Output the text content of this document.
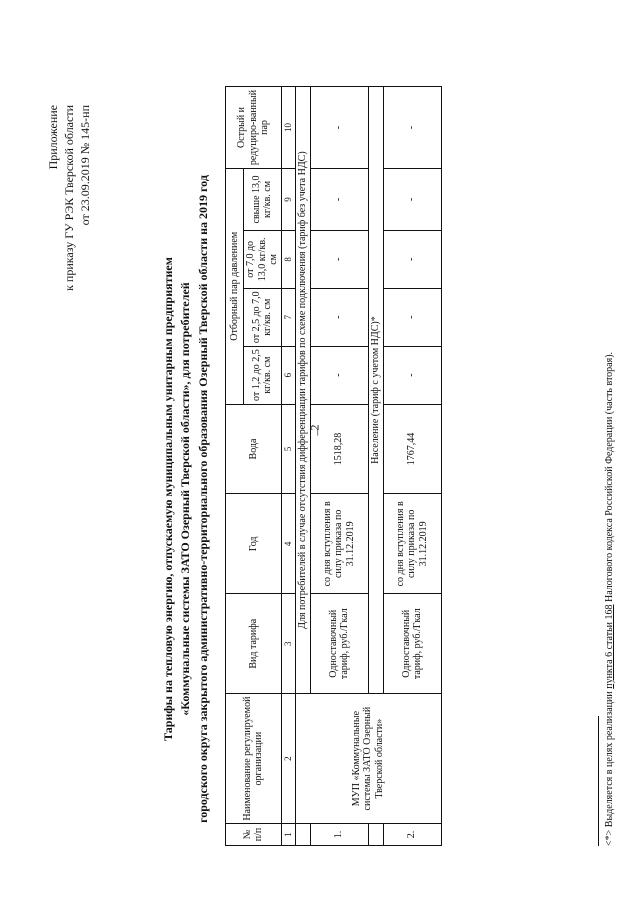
2
–
Приложение к приказу ГУ РЭК Тверской области от 23.09.2019 № 145-нп
Тарифы на тепловую энергию, отпускаемую муниципальным унитарным предприятием «Коммунальные системы ЗАТО Озерный Тверской области», для потребителей городского округа закрытого административно-территориального образования Озерный Тверской области на 2019 год
№ п/п	Наименование регулируемой организации	Вид тарифа	Год	Вода	Отборный пар давлением				Острый и редуциро-ванный пар
					от 1,2 до 2,5 кг/кв. см	от 2,5 до 7,0 кг/кв. см	от 7,0 до 13,0 кг/кв. см	свыше 13,0 кг/кв. см	
1	2	3	4	5	6	7	8	9	10
	МУП «Коммунальные системы ЗАТО Озерный Тверской области»	Для потребителей в случае отсутствия дифференциации тарифов по схеме подключения (тариф без учета НДС)							
1.		Одноставочный тариф, руб./Гкал	со дня вступления в силу приказа по 31.12.2019	1518,28	-	-	-	-	-
		Население (тариф с учетом НДС)*							
2.		Одноставочный тариф, руб./Гкал	со дня вступления в силу приказа по 31.12.2019	1767,44	-	-	-	-	-
<*> Выделяется в целях реализации пункта 6 статьи 168 Налогового кодекса Российской Федерации (часть вторая).
